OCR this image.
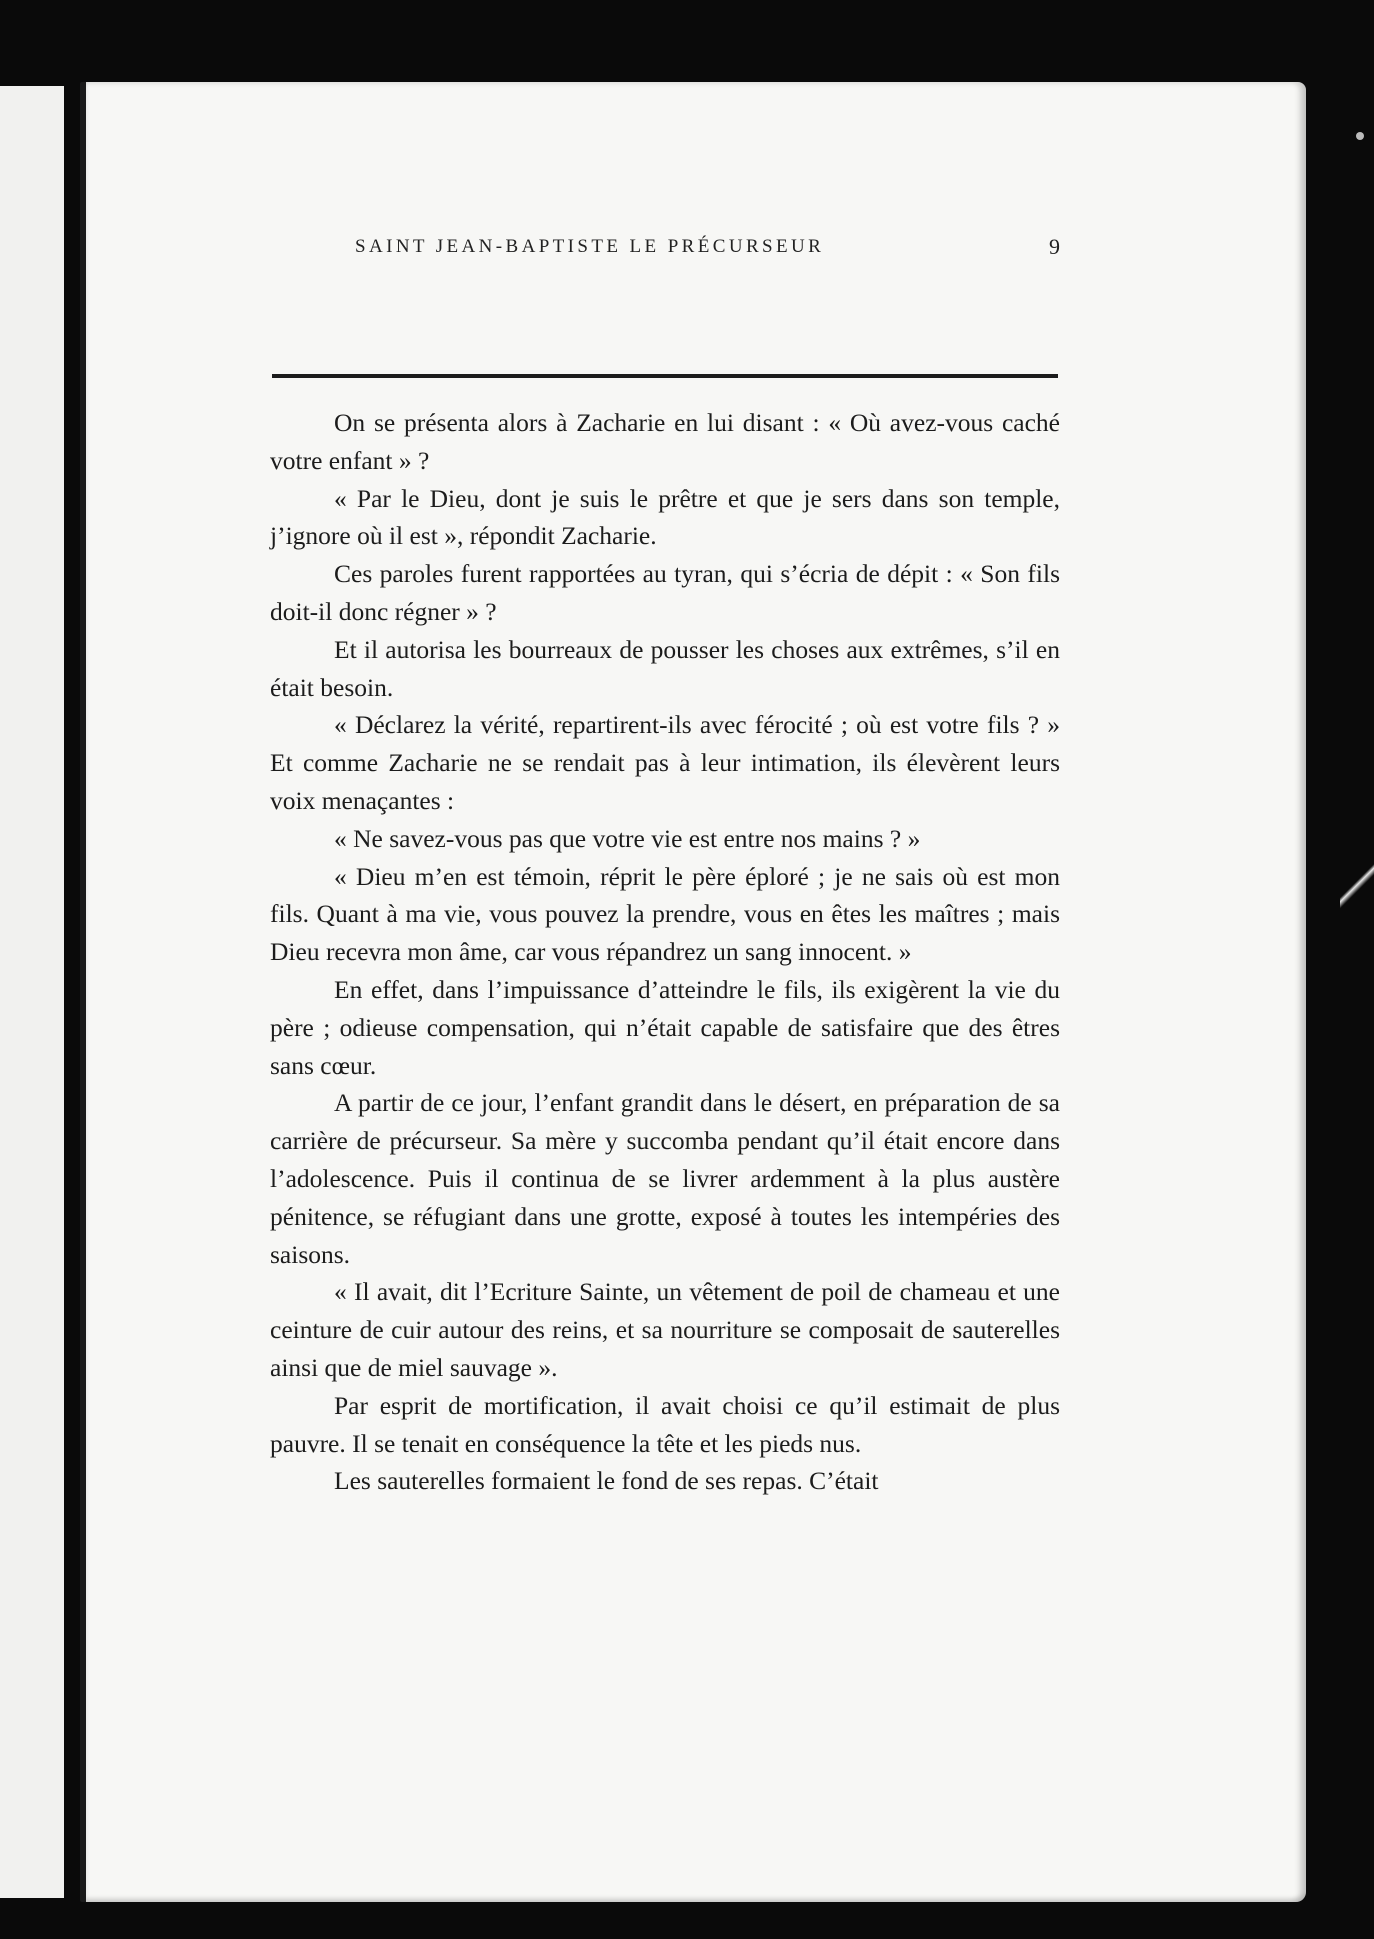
SAINT JEAN-BAPTISTE LE PRÉCURSEUR	9

On se présenta alors à Zacharie en lui disant : « Où avez-vous caché votre enfant » ?

« Par le Dieu, dont je suis le prêtre et que je sers dans son temple, j’ignore où il est », répondit Zacharie.

Ces paroles furent rapportées au tyran, qui s’écria de dépit : « Son fils doit-il donc régner » ?

Et il autorisa les bourreaux de pousser les choses aux extrêmes, s’il en était besoin.

« Déclarez la vérité, repartirent-ils avec férocité ; où est votre fils ? » Et comme Zacharie ne se rendait pas à leur intimation, ils élevèrent leurs voix menaçantes :

« Ne savez-vous pas que votre vie est entre nos mains ? »

« Dieu m’en est témoin, réprit le père éploré ; je ne sais où est mon fils. Quant à ma vie, vous pouvez la prendre, vous en êtes les maîtres ; mais Dieu recevra mon âme, car vous répandrez un sang innocent. »

En effet, dans l’impuissance d’atteindre le fils, ils exigèrent la vie du père ; odieuse compensation, qui n’était capable de satisfaire que des êtres sans cœur.

A partir de ce jour, l’enfant grandit dans le désert, en préparation de sa carrière de précurseur. Sa mère y succomba pendant qu’il était encore dans l’adolescence. Puis il continua de se livrer ardemment à la plus austère pénitence, se réfugiant dans une grotte, exposé à toutes les intempéries des saisons.

« Il avait, dit l’Ecriture Sainte, un vêtement de poil de chameau et une ceinture de cuir autour des reins, et sa nourriture se composait de sauterelles ainsi que de miel sauvage ».

Par esprit de mortification, il avait choisi ce qu’il estimait de plus pauvre. Il se tenait en conséquence la tête et les pieds nus.

Les sauterelles formaient le fond de ses repas. C’était
